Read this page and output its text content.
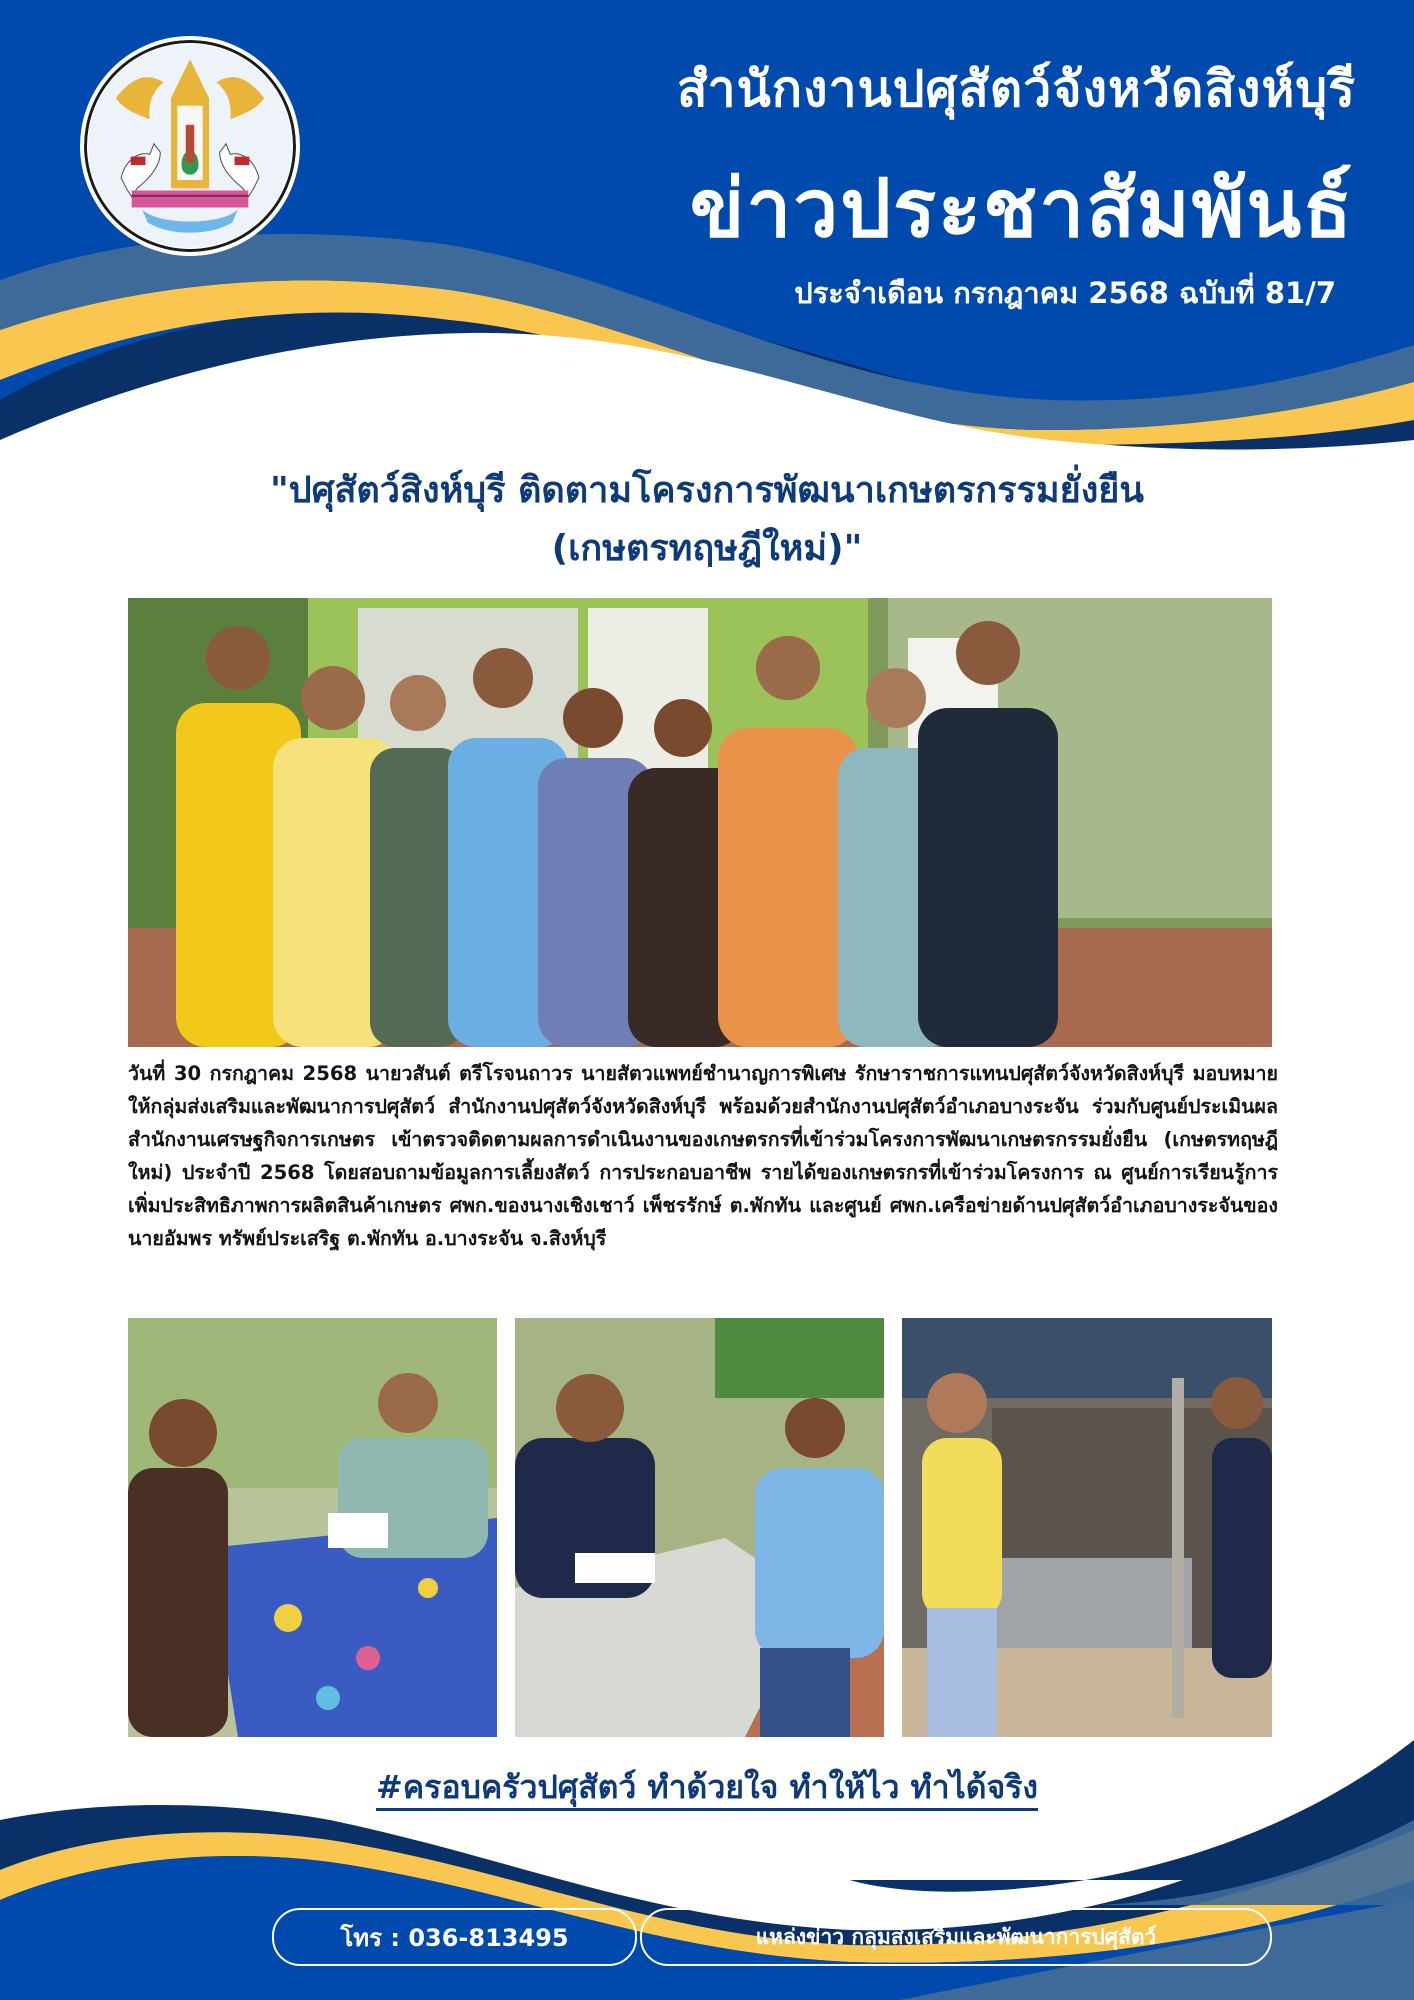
สำนักงานปศุสัตว์จังหวัดสิงห์บุรี
ข่าวประชาสัมพันธ์
ประจำเดือน กรกฎาคม 2568 ฉบับที่ 81/7
"ปศุสัตว์สิงห์บุรี ติดตามโครงการพัฒนาเกษตรกรรมยั่งยืน
(เกษตรทฤษฎีใหม่)"
วันที่ 30 กรกฎาคม 2568 นายวสันต์ ตรีโรจนถาวร นายสัตวแพทย์ชำนาญการพิเศษ รักษาราชการแทนปศุสัตว์จังหวัดสิงห์บุรี มอบหมายให้กลุ่มส่งเสริมและพัฒนาการปศุสัตว์ สำนักงานปศุสัตว์จังหวัดสิงห์บุรี พร้อมด้วยสำนักงานปศุสัตว์อำเภอบางระจัน ร่วมกับศูนย์ประเมินผล สำนักงานเศรษฐกิจการเกษตร เข้าตรวจติดตามผลการดำเนินงานของเกษตรกรที่เข้าร่วมโครงการพัฒนาเกษตรกรรมยั่งยืน (เกษตรทฤษฎีใหม่) ประจำปี 2568 โดยสอบถามข้อมูลการเลี้ยงสัตว์ การประกอบอาชีพ รายได้ของเกษตรกรที่เข้าร่วมโครงการ ณ ศูนย์การเรียนรู้การเพิ่มประสิทธิภาพการผลิตสินค้าเกษตร ศพก.ของนางเชิงเชาว์ เพ็ชรรักษ์ ต.พักทัน และศูนย์ ศพก.เครือข่ายด้านปศุสัตว์อำเภอบางระจันของนายอัมพร ทรัพย์ประเสริฐ ต.พักทัน อ.บางระจัน จ.สิงห์บุรี
#ครอบครัวปศุสัตว์ ทำด้วยใจ ทำให้ไว ทำได้จริง
โทร : 036-813495	แหล่งข่าว กลุ่มส่งเสริมและพัฒนาการปศุสัตว์
